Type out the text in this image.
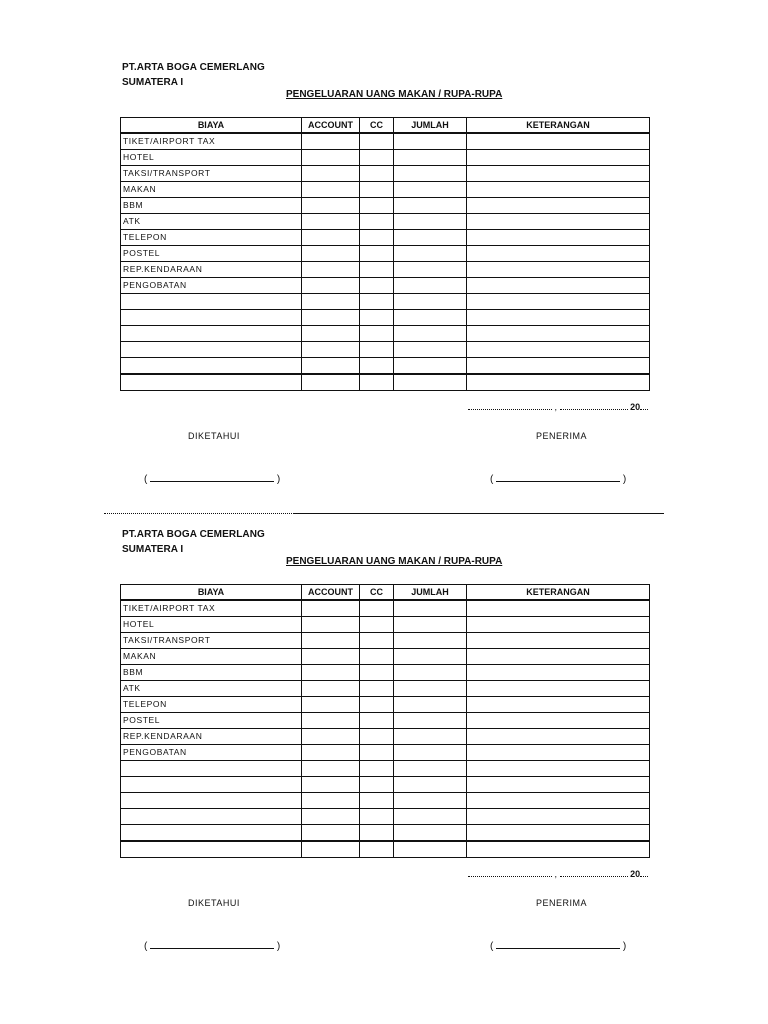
PT.ARTA BOGA CEMERLANG
SUMATERA I
PENGELUARAN UANG MAKAN / RUPA-RUPA
BIAYA	ACCOUNT	CC	JUMLAH	KETERANGAN
TIKET/AIRPORT TAX				
HOTEL				
TAKSI/TRANSPORT				
MAKAN				
BBM				
ATK				
TELEPON				
POSTEL				
REP.KENDARAAN				
PENGOBATAN				

,	20
DIKETAHUI	PENERIMA
(	)	(	)
PT.ARTA BOGA CEMERLANG
SUMATERA I
PENGELUARAN UANG MAKAN / RUPA-RUPA
BIAYA	ACCOUNT	CC	JUMLAH	KETERANGAN
TIKET/AIRPORT TAX				
HOTEL				
TAKSI/TRANSPORT				
MAKAN				
BBM				
ATK				
TELEPON				
POSTEL				
REP.KENDARAAN				
PENGOBATAN				

,	20
DIKETAHUI	PENERIMA
(	)	(	)
